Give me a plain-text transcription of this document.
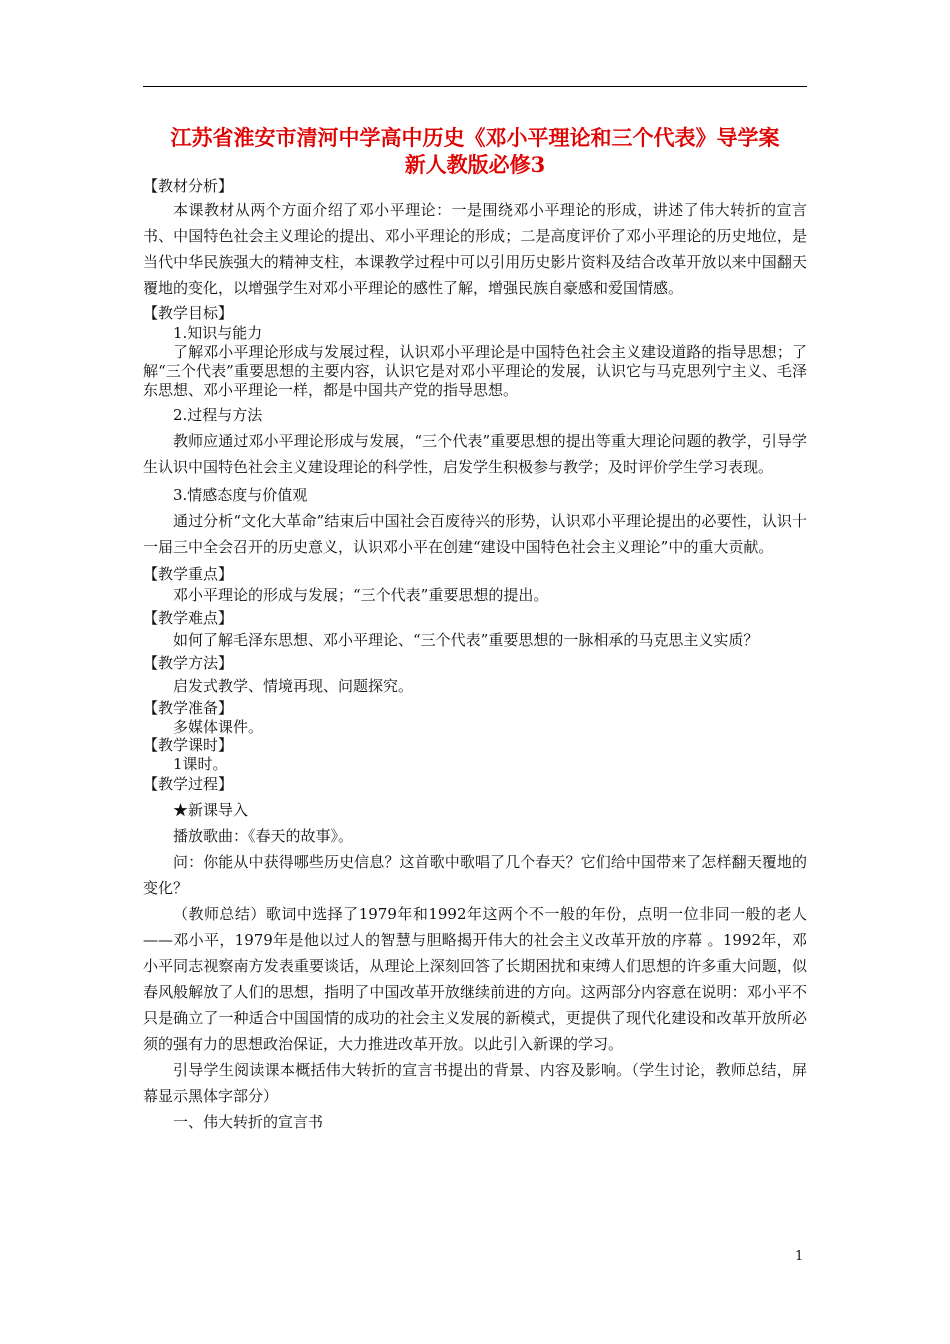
江苏省淮安市清河中学高中历史《邓小平理论和三个代表》导学案
新人教版必修3
【教材分析】
本课教材从两个方面介绍了邓小平理论：一是围绕邓小平理论的形成，讲述了伟大转折的宣言书、中国特色社会主义理论的提出、邓小平理论的形成；二是高度评价了邓小平理论的历史地位，是当代中华民族强大的精神支柱，本课教学过程中可以引用历史影片资料及结合改革开放以来中国翻天覆地的变化，以增强学生对邓小平理论的感性了解，增强民族自豪感和爱国情感。
【教学目标】
1.知识与能力
了解邓小平理论形成与发展过程，认识邓小平理论是中国特色社会主义建设道路的指导思想；了解“三个代表”重要思想的主要内容，认识它是对邓小平理论的发展，认识它与马克思列宁主义、毛泽东思想、邓小平理论一样，都是中国共产党的指导思想。
2.过程与方法
教师应通过邓小平理论形成与发展，“三个代表”重要思想的提出等重大理论问题的教学，引导学生认识中国特色社会主义建设理论的科学性，启发学生积极参与教学；及时评价学生学习表现。
3.情感态度与价值观
通过分析“文化大革命”结束后中国社会百废待兴的形势，认识邓小平理论提出的必要性，认识十一届三中全会召开的历史意义，认识邓小平在创建“建设中国特色社会主义理论”中的重大贡献。
【教学重点】
邓小平理论的形成与发展；“三个代表”重要思想的提出。
【教学难点】
如何了解毛泽东思想、邓小平理论、“三个代表”重要思想的一脉相承的马克思主义实质？
【教学方法】
启发式教学、情境再现、问题探究。
【教学准备】
多媒体课件。
【教学课时】
1课时。
【教学过程】
★新课导入
播放歌曲：《春天的故事》。
问：你能从中获得哪些历史信息？这首歌中歌唱了几个春天？它们给中国带来了怎样翻天覆地的变化？
（教师总结）歌词中选择了1979年和1992年这两个不一般的年份，点明一位非同一般的老人——邓小平，1979年是他以过人的智慧与胆略揭开伟大的社会主义改革开放的序幕 。1992年，邓小平同志视察南方发表重要谈话，从理论上深刻回答了长期困扰和束缚人们思想的许多重大问题，似春风般解放了人们的思想，指明了中国改革开放继续前进的方向。这两部分内容意在说明：邓小平不只是确立了一种适合中国国情的成功的社会主义发展的新模式，更提供了现代化建设和改革开放所必须的强有力的思想政治保证，大力推进改革开放。以此引入新课的学习。
引导学生阅读课本概括伟大转折的宣言书提出的背景、内容及影响。（学生讨论，教师总结，屏幕显示黑体字部分）
一、伟大转折的宣言书
1
